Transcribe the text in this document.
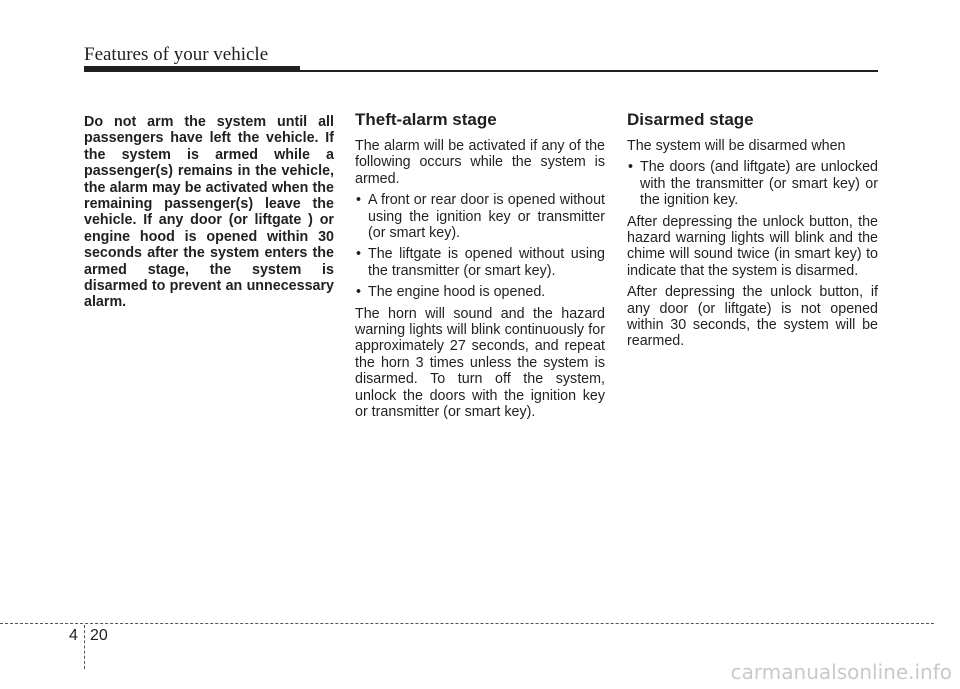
Features of your vehicle

Do not arm the system until all passengers have left the vehicle. If the system is armed while a passenger(s) remains in the vehicle, the alarm may be activated when the remaining passenger(s) leave the vehicle. If any door (or liftgate ) or engine hood is opened within 30 seconds after the system enters the armed stage, the system is disarmed to prevent an unnecessary alarm.

Theft-alarm stage

The alarm will be activated if any of the following occurs while the system is armed.

• A front or rear door is opened without using the ignition key or transmitter (or smart key).
• The liftgate is opened without using the transmitter (or smart key).
• The engine hood is opened.

The horn will sound and the hazard warning lights will blink continuously for approximately 27 seconds, and repeat the horn 3 times unless the system is disarmed. To turn off the system, unlock the doors with the ignition key or transmitter (or smart key).

Disarmed stage

The system will be disarmed when

• The doors (and liftgate) are unlocked with the transmitter (or smart key) or the ignition key.

After depressing the unlock button, the hazard warning lights will blink and the chime will sound twice (in smart key) to indicate that the system is disarmed.

After depressing the unlock button, if any door (or liftgate) is not opened within 30 seconds, the system will be rearmed.

4 20
carmanualsonline.info
